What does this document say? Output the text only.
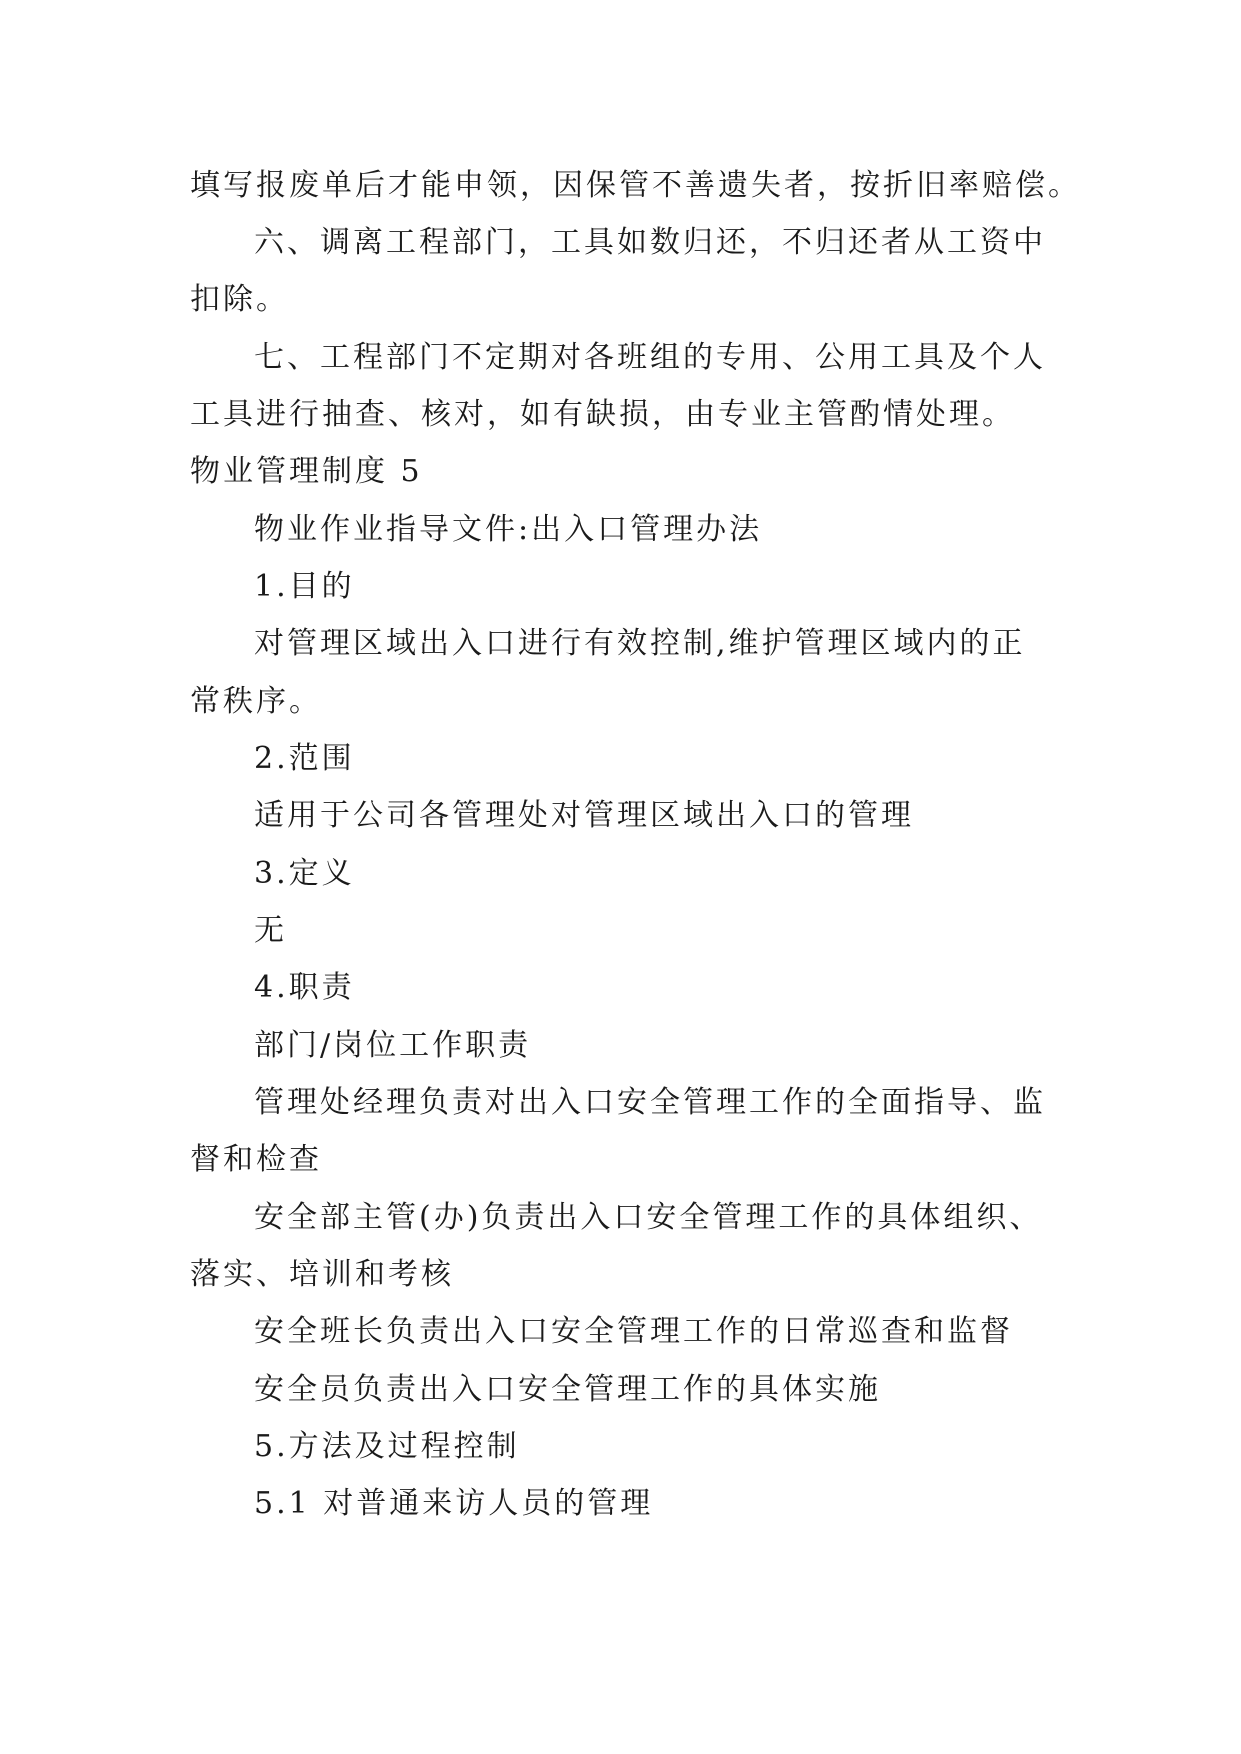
填写报废单后才能申领，因保管不善遗失者，按折旧率赔偿。
六、调离工程部门，工具如数归还，不归还者从工资中
扣除。
七、工程部门不定期对各班组的专用、公用工具及个人
工具进行抽查、核对，如有缺损，由专业主管酌情处理。
物业管理制度 5
物业作业指导文件:出入口管理办法
1.目的
对管理区域出入口进行有效控制,维护管理区域内的正
常秩序。
2.范围
适用于公司各管理处对管理区域出入口的管理
3.定义
无
4.职责
部门/岗位工作职责
管理处经理负责对出入口安全管理工作的全面指导、监
督和检查
安全部主管(办)负责出入口安全管理工作的具体组织、
落实、培训和考核
安全班长负责出入口安全管理工作的日常巡查和监督
安全员负责出入口安全管理工作的具体实施
5.方法及过程控制
5.1 对普通来访人员的管理
